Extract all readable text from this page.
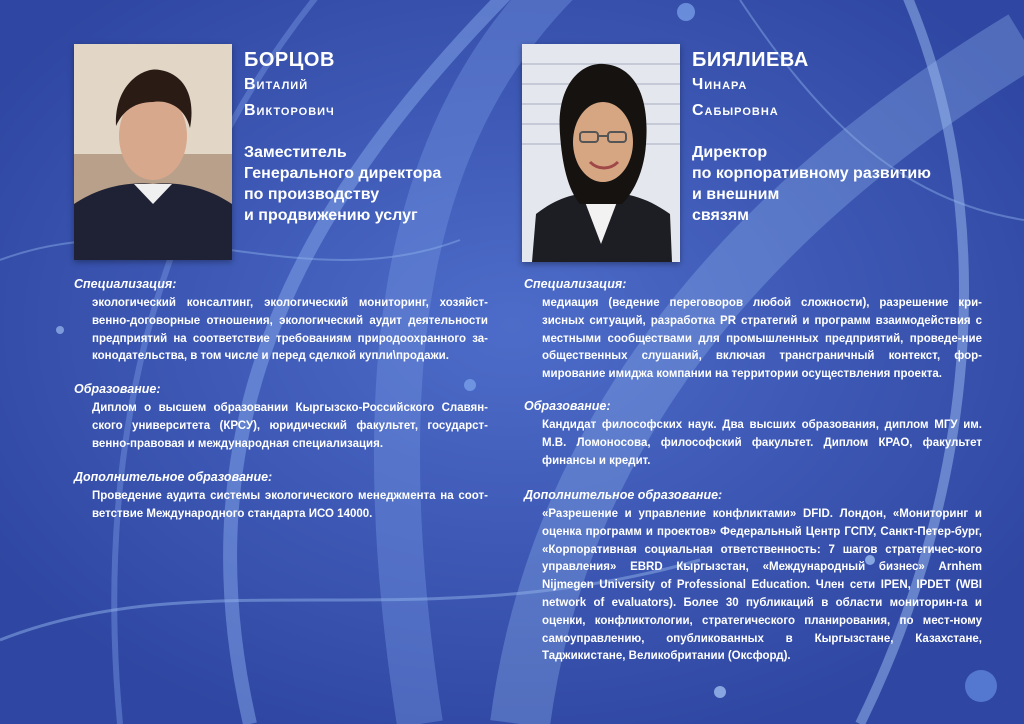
БОРЦОВ
Виталий
Викторович
Заместитель
Генерального директора
по производству
и продвижению услуг
Специализация:
экологический консалтинг, экологический мониторинг, хозяйст-венно-договорные отношения, экологический аудит деятельности предприятий на соответствие требованиям природоохранного за-конодательства, в том числе и перед сделкой купли\продажи.
Образование:
Диплом о высшем образовании Кыргызско-Российского Славян-ского университета (КРСУ), юридический факультет, государст-венно-правовая и международная специализация.
Дополнительное образование:
Проведение аудита системы экологического менеджмента на соот-ветствие Международного стандарта ИСО 14000.
БИЯЛИЕВА
Чинара
Сабыровна
Директор
по корпоративному развитию
и внешним
связям
Специализация:
медиация (ведение переговоров любой сложности), разрешение кри-зисных ситуаций, разработка PR стратегий и программ взаимодействия с местными сообществами для промышленных предприятий, проведе-ние общественных слушаний, включая трансграничный контекст, фор-мирование имиджа компании на территории осуществления проекта.
Образование:
Кандидат философских наук. Два высших образования, диплом МГУ им. М.В. Ломоносова, философский факультет. Диплом КРАО, факультет финансы и кредит.
Дополнительное образование:
«Разрешение и управление конфликтами» DFID. Лондон, «Мониторинг и оценка программ и проектов» Федеральный Центр ГСПУ, Санкт-Петер-бург, «Корпоративная социальная ответственность: 7 шагов стратегичес-кого управления» EBRD Кыргызстан, «Международный бизнес» Arnhem Nijmegen University of Professional Education. Член сети IPEN, IPDET (WBI network of evaluators). Более 30 публикаций в области мониторин-га и оценки, конфликтологии, стратегического планирования, по мест-ному самоуправлению, опубликованных в Кыргызстане, Казахстане, Таджикистане, Великобритании (Оксфорд).
